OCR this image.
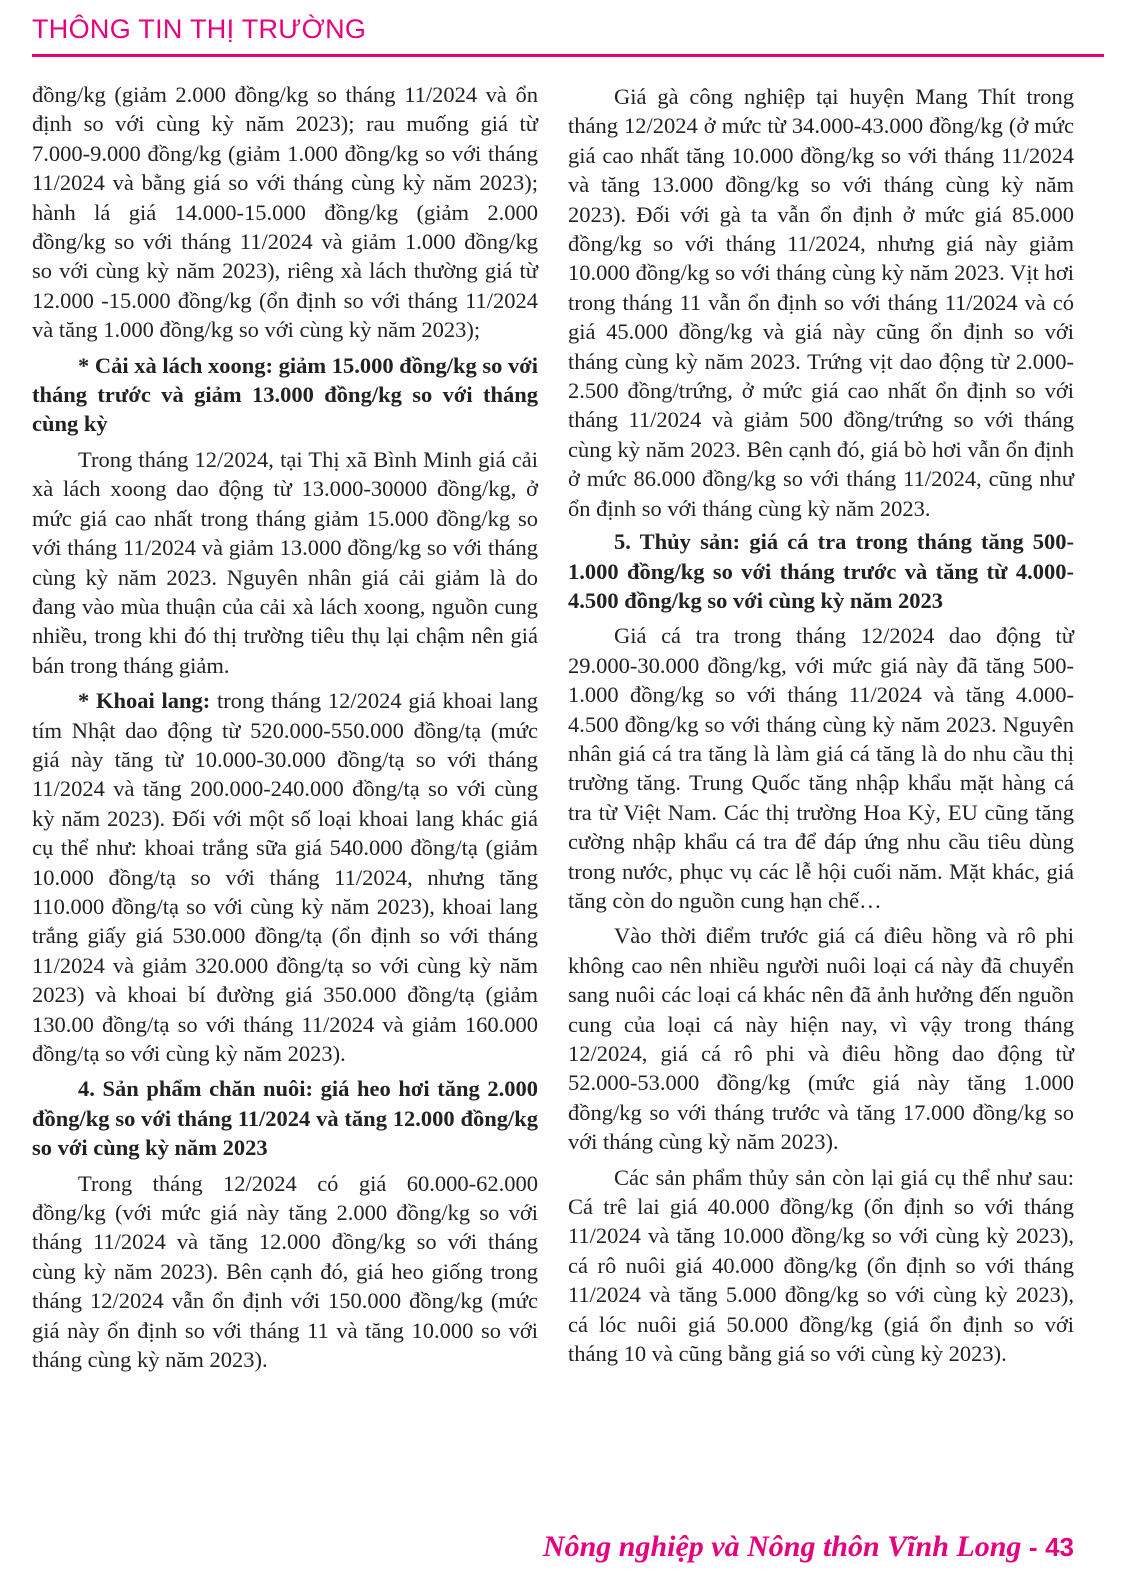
THÔNG TIN THỊ TRƯỜNG

đồng/kg (giảm 2.000 đồng/kg so tháng 11/2024 và ổn định so với cùng kỳ năm 2023); rau muống giá từ 7.000-9.000 đồng/kg (giảm 1.000 đồng/kg so với tháng 11/2024 và bằng giá so với tháng cùng kỳ năm 2023); hành lá giá 14.000-15.000 đồng/kg (giảm 2.000 đồng/kg so với tháng 11/2024 và giảm 1.000 đồng/kg so với cùng kỳ năm 2023), riêng xà lách thường giá từ 12.000 -15.000 đồng/kg (ổn định so với tháng 11/2024 và tăng 1.000 đồng/kg so với cùng kỳ năm 2023);

* Cải xà lách xoong: giảm 15.000 đồng/kg so với tháng trước và giảm 13.000 đồng/kg so với tháng cùng kỳ

Trong tháng 12/2024, tại Thị xã Bình Minh giá cải xà lách xoong dao động từ 13.000-30000 đồng/kg, ở mức giá cao nhất trong tháng giảm 15.000 đồng/kg so với tháng 11/2024 và giảm 13.000 đồng/kg so với tháng cùng kỳ năm 2023. Nguyên nhân giá cải giảm là do đang vào mùa thuận của cải xà lách xoong, nguồn cung nhiều, trong khi đó thị trường tiêu thụ lại chậm nên giá bán trong tháng giảm.

* Khoai lang: trong tháng 12/2024 giá khoai lang tím Nhật dao động từ 520.000-550.000 đồng/tạ (mức giá này tăng từ 10.000-30.000 đồng/tạ so với tháng 11/2024 và tăng 200.000-240.000 đồng/tạ so với cùng kỳ năm 2023). Đối với một số loại khoai lang khác giá cụ thể như: khoai trắng sữa giá 540.000 đồng/tạ (giảm 10.000 đồng/tạ so với tháng 11/2024, nhưng tăng 110.000 đồng/tạ so với cùng kỳ năm 2023), khoai lang trắng giấy giá 530.000 đồng/tạ (ổn định so với tháng 11/2024 và giảm 320.000 đồng/tạ so với cùng kỳ năm 2023) và khoai bí đường giá 350.000 đồng/tạ (giảm 130.00 đồng/tạ so với tháng 11/2024 và giảm 160.000 đồng/tạ so với cùng kỳ năm 2023).

4. Sản phẩm chăn nuôi: giá heo hơi tăng 2.000 đồng/kg so với tháng 11/2024 và tăng 12.000 đồng/kg so với cùng kỳ năm 2023

Trong tháng 12/2024 có giá 60.000-62.000 đồng/kg (với mức giá này tăng 2.000 đồng/kg so với tháng 11/2024 và tăng 12.000 đồng/kg so với tháng cùng kỳ năm 2023). Bên cạnh đó, giá heo giống trong tháng 12/2024 vẫn ổn định với 150.000 đồng/kg (mức giá này ổn định so với tháng 11 và tăng 10.000 so với tháng cùng kỳ năm 2023).

Giá gà công nghiệp tại huyện Mang Thít trong tháng 12/2024 ở mức từ 34.000-43.000 đồng/kg (ở mức giá cao nhất tăng 10.000 đồng/kg so với tháng 11/2024 và tăng 13.000 đồng/kg so với tháng cùng kỳ năm 2023). Đối với gà ta vẫn ổn định ở mức giá 85.000 đồng/kg so với tháng 11/2024, nhưng giá này giảm 10.000 đồng/kg so với tháng cùng kỳ năm 2023. Vịt hơi trong tháng 11 vẫn ổn định so với tháng 11/2024 và có giá 45.000 đồng/kg và giá này cũng ổn định so với tháng cùng kỳ năm 2023. Trứng vịt dao động từ 2.000-2.500 đồng/trứng, ở mức giá cao nhất ổn định so với tháng 11/2024 và giảm 500 đồng/trứng so với tháng cùng kỳ năm 2023. Bên cạnh đó, giá bò hơi vẫn ổn định ở mức 86.000 đồng/kg so với tháng 11/2024, cũng như ổn định so với tháng cùng kỳ năm 2023.

5. Thủy sản: giá cá tra trong tháng tăng 500-1.000 đồng/kg so với tháng trước và tăng từ 4.000-4.500 đồng/kg so với cùng kỳ năm 2023

Giá cá tra trong tháng 12/2024 dao động từ 29.000-30.000 đồng/kg, với mức giá này đã tăng 500-1.000 đồng/kg so với tháng 11/2024 và tăng 4.000-4.500 đồng/kg so với tháng cùng kỳ năm 2023. Nguyên nhân giá cá tra tăng là làm giá cá tăng là do nhu cầu thị trường tăng. Trung Quốc tăng nhập khẩu mặt hàng cá tra từ Việt Nam. Các thị trường Hoa Kỳ, EU cũng tăng cường nhập khẩu cá tra để đáp ứng nhu cầu tiêu dùng trong nước, phục vụ các lễ hội cuối năm. Mặt khác, giá tăng còn do nguồn cung hạn chế…

Vào thời điểm trước giá cá điêu hồng và rô phi không cao nên nhiều người nuôi loại cá này đã chuyển sang nuôi các loại cá khác nên đã ảnh hưởng đến nguồn cung của loại cá này hiện nay, vì vậy trong tháng 12/2024, giá cá rô phi và điêu hồng dao động từ 52.000-53.000 đồng/kg (mức giá này tăng 1.000 đồng/kg so với tháng trước và tăng 17.000 đồng/kg so với tháng cùng kỳ năm 2023).

Các sản phẩm thủy sản còn lại giá cụ thể như sau: Cá trê lai giá 40.000 đồng/kg (ổn định so với tháng 11/2024 và tăng 10.000 đồng/kg so với cùng kỳ 2023), cá rô nuôi giá 40.000 đồng/kg (ổn định so với tháng 11/2024 và tăng 5.000 đồng/kg so với cùng kỳ 2023), cá lóc nuôi giá 50.000 đồng/kg (giá ổn định so với tháng 10 và cũng bằng giá so với cùng kỳ 2023).

Nông nghiệp và Nông thôn Vĩnh Long - 43
